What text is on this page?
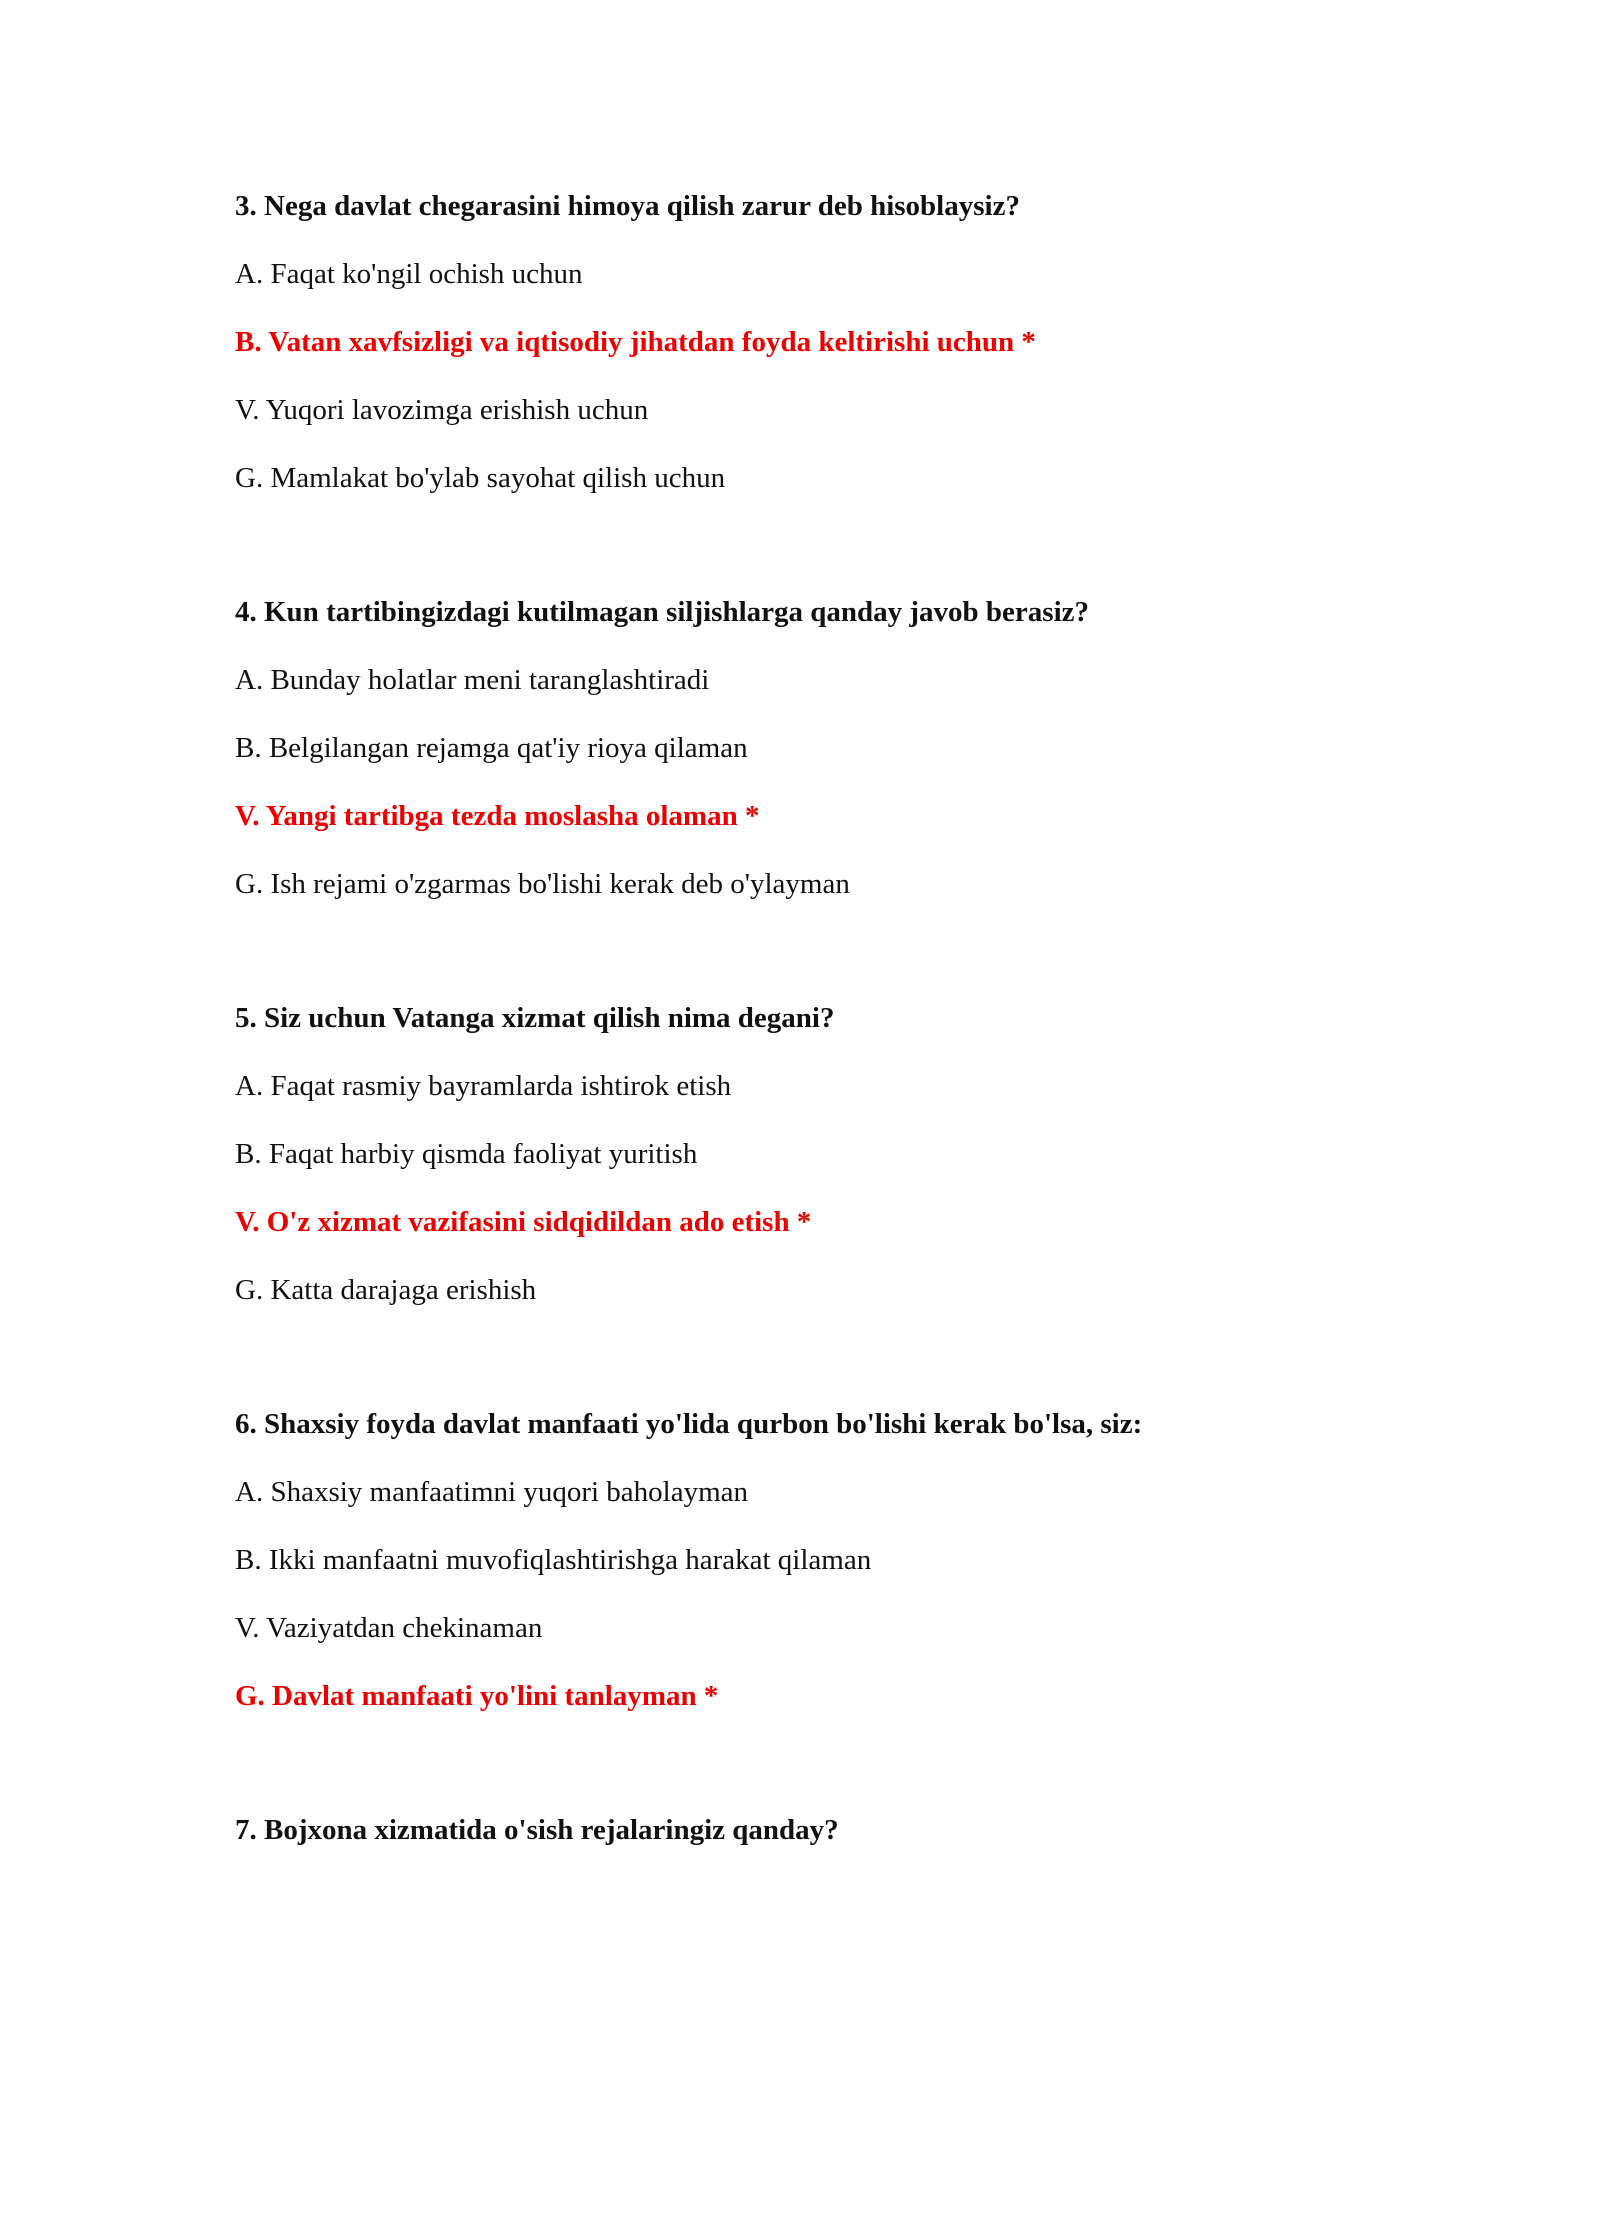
3. Nega davlat chegarasini himoya qilish zarur deb hisoblaysiz?
A. Faqat ko'ngil ochish uchun
B. Vatan xavfsizligi va iqtisodiy jihatdan foyda keltirishi uchun *
V. Yuqori lavozimga erishish uchun
G. Mamlakat bo'ylab sayohat qilish uchun
4. Kun tartibingizdagi kutilmagan siljishlarga qanday javob berasiz?
A. Bunday holatlar meni taranglashtiradi
B. Belgilangan rejamga qat'iy rioya qilaman
V. Yangi tartibga tezda moslasha olaman *
G. Ish rejami o'zgarmas bo'lishi kerak deb o'ylayman
5. Siz uchun Vatanga xizmat qilish nima degani?
A. Faqat rasmiy bayramlarda ishtirok etish
B. Faqat harbiy qismda faoliyat yuritish
V. O'z xizmat vazifasini sidqidildan ado etish *
G. Katta darajaga erishish
6. Shaxsiy foyda davlat manfaati yo'lida qurbon bo'lishi kerak bo'lsa, siz:
A. Shaxsiy manfaatimni yuqori baholayman
B. Ikki manfaatni muvofiqlashtirishga harakat qilaman
V. Vaziyatdan chekinaman
G. Davlat manfaati yo'lini tanlayman *
7. Bojxona xizmatida o'sish rejalaringiz qanday?
